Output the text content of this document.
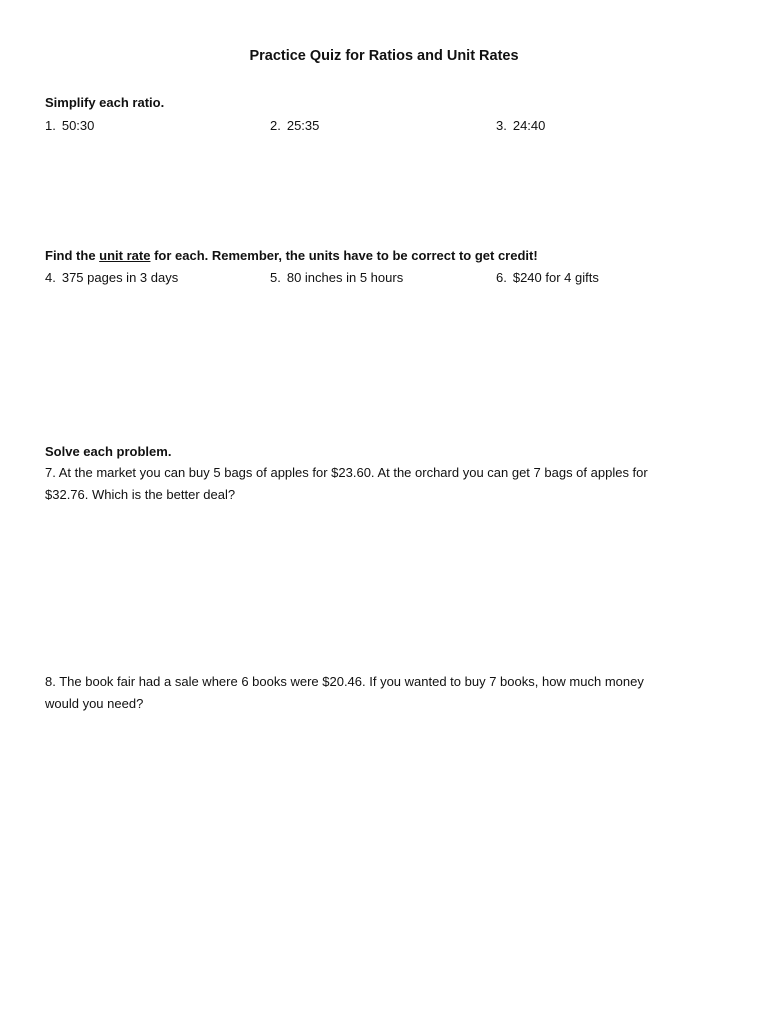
Practice Quiz for Ratios and Unit Rates
Simplify each ratio.
1. 50:30	2. 25:35	3. 24:40
Find the unit rate for each. Remember, the units have to be correct to get credit!
4. 375 pages in 3 days	5. 80 inches in 5 hours	6. $240 for 4 gifts
Solve each problem.
7. At the market you can buy 5 bags of apples for $23.60. At the orchard you can get 7 bags of apples for
$32.76. Which is the better deal?
8. The book fair had a sale where 6 books were $20.46. If you wanted to buy 7 books, how much money
would you need?
